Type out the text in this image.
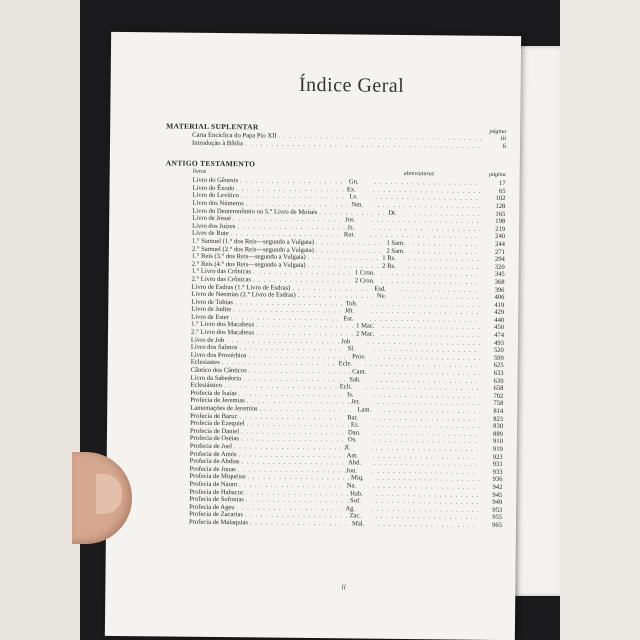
Índice Geral
MATERIAL SUPLENTAR
página
Carta Encíclica do Papa Pio XII . . .	iii
Introdução à Bíblia . . .	6
ANTIGO TESTAMENTO
livros	abreviaturas	página
Livro do Gênesis . . .	Gn. . . .	17
Livro do Êxodo . . .	Ex. . . .	65
Livro do Levítico . . .	Lv. . . .	102
Livro dos Números . . .	Nm. . . .	128
Livro do Deuteronômio ou 5.° Livro de Moisés . . .	Dt. . . .	165
Livro de Josué . . .	Jos. . . .	198
Livro dos Juízes . . .	Jz. . . .	219
Livro de Rute . . .	Rut. . . .	240
1.° Samuel (1.° dos Reis—segundo a Vulgata) . . .	1 Sam. . . .	244
2.° Samuel (2.° dos Reis—segundo a Vulgata) . . .	2 Sam. . . .	271
1.° Reis (3.° dos Reis—segundo a Vulgata) . . .	1 Rs. . . .	294
2.° Reis (4.° dos Reis—segundo a Vulgata) . . .	2 Rs. . . .	320
1.° Livro das Crônicas . . .	1 Cron. . . .	345
2.° Livro das Crônicas . . .	2 Cron. . . .	368
Livro de Esdras (1.° Livro de Esdras) . . .	Esd. . . .	396
Livro de Neemias (2.° Livro de Esdras) . . .	Ne. . . .	406
Livro de Tobias . . .	Tob. . . .	419
Livro de Judite . . .	Jdt. . . .	429
Livro de Ester . . .	Est. . . .	440
1.° Livro dos Macabeus . . .	1 Mac. . . .	450
2.° Livro dos Macabeus . . .	2 Mac. . . .	474
Livro de Job . . .	Job . . .	493
Livro dos Salmos . . .	Sl. . . .	520
Livro dos Provérbios . . .	Prov. . . .	599
Eclesiastes . . .	Ecle. . . .	625
Cântico dos Cânticos . . .	Cant. . . .	633
Livro da Sabedoria . . .	Sab. . . .	639
Eclesiástico . . .	Ecli. . . .	658
Profecia de Isaías . . .	Is. . . .	702
Profecia de Jeremias . . .	Jer. . . .	758
Lamentações de Jeremias . . .	Lam. . . .	814
Profecia de Baruc . . .	Bar. . . .	823
Profecia de Ezequiel . . .	Ez. . . .	830
Profecia de Daniel . . .	Dan. . . .	889
Profecia de Oséias . . .	Os. . . .	910
Profecia de Joel . . .	Jl. . . .	919
Profecia de Amós . . .	Am. . . .	923
Profecia de Abdias . . .	Abd. . . .	931
Profecia de Jonas . . .	Jon. . . .	933
Profecia de Miquéias . . .	Miq. . . .	936
Profecia de Naum . . .	Na. . . .	942
Profecia de Habacuc . . .	Hab. . . .	945
Profecia de Sofonias . . .	Sof. . . .	949
Profecia de Ageu . . .	Ag. . . .	953
Profecia de Zacarias . . .	Zac. . . .	955
Profecia de Malaquias . . .	Mal. . . .	965
ii
